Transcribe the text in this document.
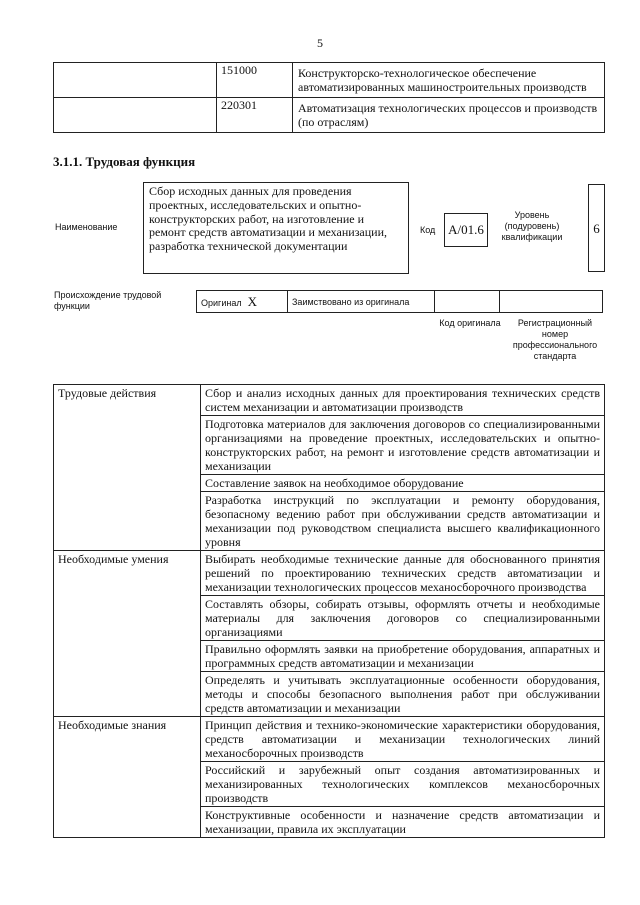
5
	151000	Конструкторско-технологическое обеспечение автоматизированных машиностроительных производств
	220301	Автоматизация технологических процессов и производств (по отраслям)
3.1.1. Трудовая функция
Наименование
Сбор исходных данных для проведения проектных, исследовательских и опытно-конструкторских работ, на изготовление и ремонт средств автоматизации и механизации, разработка технической документации
Код A/01.6
Уровень (подуровень) квалификации
6
Происхождение трудовой функции	Оригинал X	Заимствовано из оригинала		
Код оригинала	Регистрационный номер профессионального стандарта
Трудовые действия	Сбор и анализ исходных данных для проектирования технических средств систем механизации и автоматизации производств
	Подготовка материалов для заключения договоров со специализированными организациями на проведение проектных, исследовательских и опытно-конструкторских работ, на ремонт и изготовление средств автоматизации и механизации
	Составление заявок на необходимое оборудование
	Разработка инструкций по эксплуатации и ремонту оборудования, безопасному ведению работ при обслуживании средств автоматизации и механизации под руководством специалиста высшего квалификационного уровня
Необходимые умения	Выбирать необходимые технические данные для обоснованного принятия решений по проектированию технических средств автоматизации и механизации технологических процессов механосборочного производства
	Составлять обзоры, собирать отзывы, оформлять отчеты и необходимые материалы для заключения договоров со специализированными организациями
	Правильно оформлять заявки на приобретение оборудования, аппаратных и программных средств автоматизации и механизации
	Определять и учитывать эксплуатационные особенности оборудования, методы и способы безопасного выполнения работ при обслуживании средств автоматизации и механизации
Необходимые знания	Принцип действия и технико-экономические характеристики оборудования, средств автоматизации и механизации технологических линий механосборочных производств
	Российский и зарубежный опыт создания автоматизированных и механизированных технологических комплексов механосборочных производств
	Конструктивные особенности и назначение средств автоматизации и механизации, правила их эксплуатации
